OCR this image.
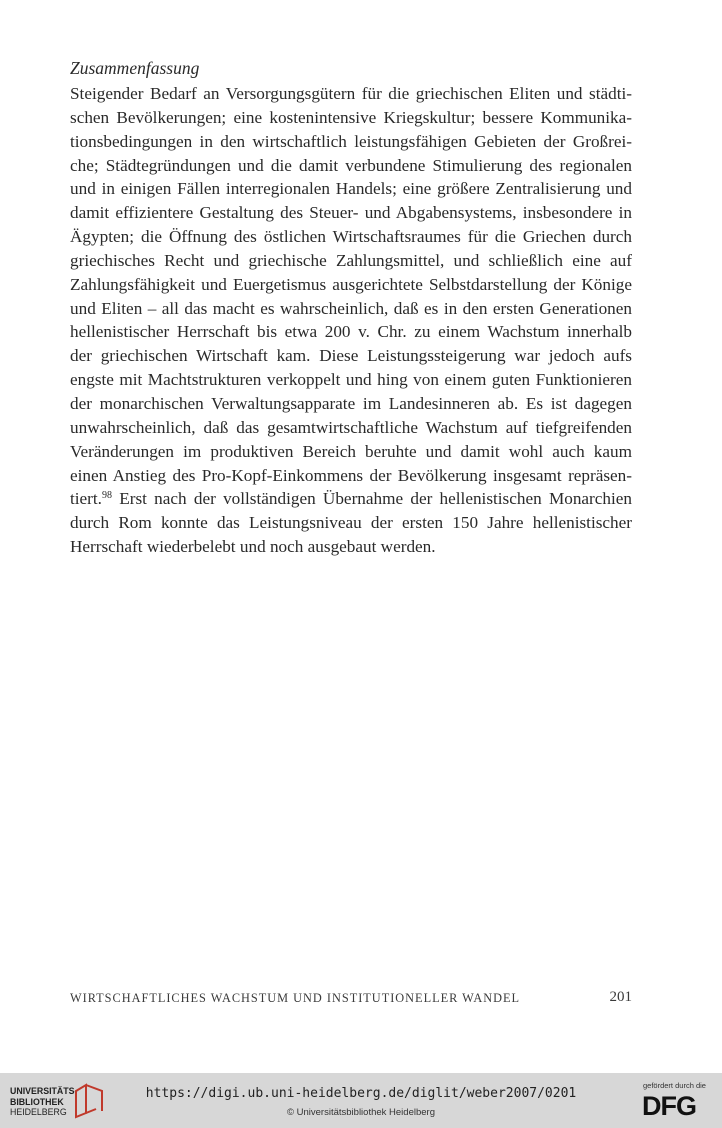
Zusammenfassung
Steigender Bedarf an Versorgungsgütern für die griechischen Eliten und städti-
schen Bevölkerungen; eine kostenintensive Kriegskultur; bessere Kommunika-
tionsbedingungen in den wirtschaftlich leistungsfähigen Gebieten der Großrei-
che; Städtegründungen und die damit verbundene Stimulierung des regionalen
und in einigen Fällen interregionalen Handels; eine größere Zentralisierung und
damit effizientere Gestaltung des Steuer- und Abgabensystems, insbesondere in
Ägypten; die Öffnung des östlichen Wirtschaftsraumes für die Griechen durch
griechisches Recht und griechische Zahlungsmittel, und schließlich eine auf
Zahlungsfähigkeit und Euergetismus ausgerichtete Selbstdarstellung der Könige
und Eliten – all das macht es wahrscheinlich, daß es in den ersten Generationen
hellenistischer Herrschaft bis etwa 200 v. Chr. zu einem Wachstum innerhalb
der griechischen Wirtschaft kam. Diese Leistungssteigerung war jedoch aufs
engste mit Machtstrukturen verkoppelt und hing von einem guten Funktionieren
der monarchischen Verwaltungsapparate im Landesinneren ab. Es ist dagegen
unwahrscheinlich, daß das gesamtwirtschaftliche Wachstum auf tiefgreifenden
Veränderungen im produktiven Bereich beruhte und damit wohl auch kaum
einen Anstieg des Pro-Kopf-Einkommens der Bevölkerung insgesamt repräsen-
tiert.$^{98}$ Erst nach der vollständigen Übernahme der hellenistischen Monarchien
durch Rom konnte das Leistungsniveau der ersten 150 Jahre hellenistischer
Herrschaft wiederbelebt und noch ausgebaut werden.
WIRTSCHAFTLICHES WACHSTUM UND INSTITUTIONELLER WANDEL	201
UNIVERSITÄTS-
BIBLIOTHEK
HEIDELBERG
https://digi.ub.uni-heidelberg.de/diglit/weber2007/0201
© Universitätsbibliothek Heidelberg
gefördert durch die
DFG
